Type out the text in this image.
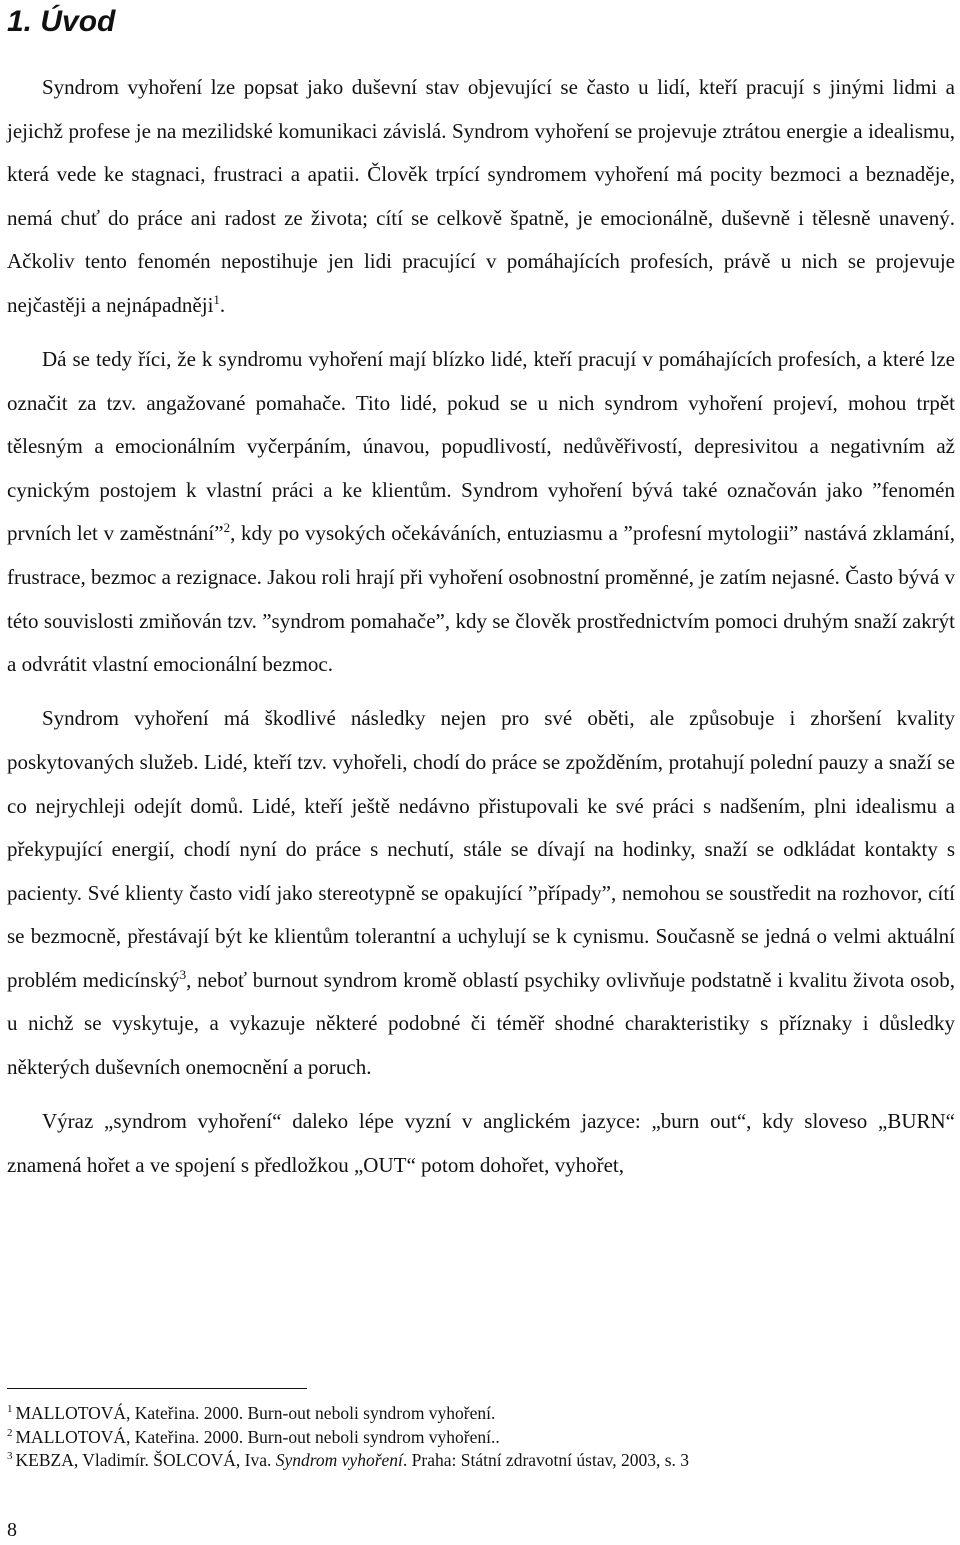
1. Úvod

Syndrom vyhoření lze popsat jako duševní stav objevující se často u lidí, kteří pracují s jinými lidmi a jejichž profese je na mezilidské komunikaci závislá. Syndrom vyhoření se projevuje ztrátou energie a idealismu, která vede ke stagnaci, frustraci a apatii. Člověk trpící syndromem vyhoření má pocity bezmoci a beznaděje, nemá chuť do práce ani radost ze života; cítí se celkově špatně, je emocionálně, duševně i tělesně unavený. Ačkoliv tento fenomén nepostihuje jen lidi pracující v pomáhajících profesích, právě u nich se projevuje nejčastěji a nejnápadněji$^1$.

Dá se tedy říci, že k syndromu vyhoření mají blízko lidé, kteří pracují v pomáhajících profesích, a které lze označit za tzv. angažované pomahače. Tito lidé, pokud se u nich syndrom vyhoření projeví, mohou trpět tělesným a emocionálním vyčerpáním, únavou, popudlivostí, nedůvěřivostí, depresivitou a negativním až cynickým postojem k vlastní práci a ke klientům. Syndrom vyhoření bývá také označován jako ”fenomén prvních let v zaměstnání”$^2$, kdy po vysokých očekáváních, entuziasmu a ”profesní mytologii” nastává zklamání, frustrace, bezmoc a rezignace. Jakou roli hrají při vyhoření osobnostní proměnné, je zatím nejasné. Často bývá v této souvislosti zmiňován tzv. ”syndrom pomahače”, kdy se člověk prostřednictvím pomoci druhým snaží zakrýt a odvrátit vlastní emocionální bezmoc.

Syndrom vyhoření má škodlivé následky nejen pro své oběti, ale způsobuje i zhoršení kvality poskytovaných služeb. Lidé, kteří tzv. vyhořeli, chodí do práce se zpožděním, protahují polední pauzy a snaží se co nejrychleji odejít domů. Lidé, kteří ještě nedávno přistupovali ke své práci s nadšením, plni idealismu a překypující energií, chodí nyní do práce s nechutí, stále se dívají na hodinky, snaží se odkládat kontakty s pacienty. Své klienty často vidí jako stereotypně se opakující ”případy”, nemohou se soustředit na rozhovor, cítí se bezmocně, přestávají být ke klientům tolerantní a uchylují se k cynismu. Současně se jedná o velmi aktuální problém medicínský$^3$, neboť burnout syndrom kromě oblastí psychiky ovlivňuje podstatně i kvalitu života osob, u nichž se vyskytuje, a vykazuje některé podobné či téměř shodné charakteristiky s příznaky i důsledky některých duševních onemocnění a poruch.

Výraz „syndrom vyhoření“ daleko lépe vyzní v anglickém jazyce: „burn out“, kdy sloveso „BURN“ znamená hořet a ve spojení s předložkou „OUT“ potom dohořet, vyhořet,

$^1$ MALLOTOVÁ, Kateřina. 2000. Burn-out neboli syndrom vyhoření.
$^2$ MALLOTOVÁ, Kateřina. 2000. Burn-out neboli syndrom vyhoření..
$^3$ KEBZA, Vladimír. ŠOLCOVÁ, Iva. Syndrom vyhoření. Praha: Státní zdravotní ústav, 2003, s. 3
8
